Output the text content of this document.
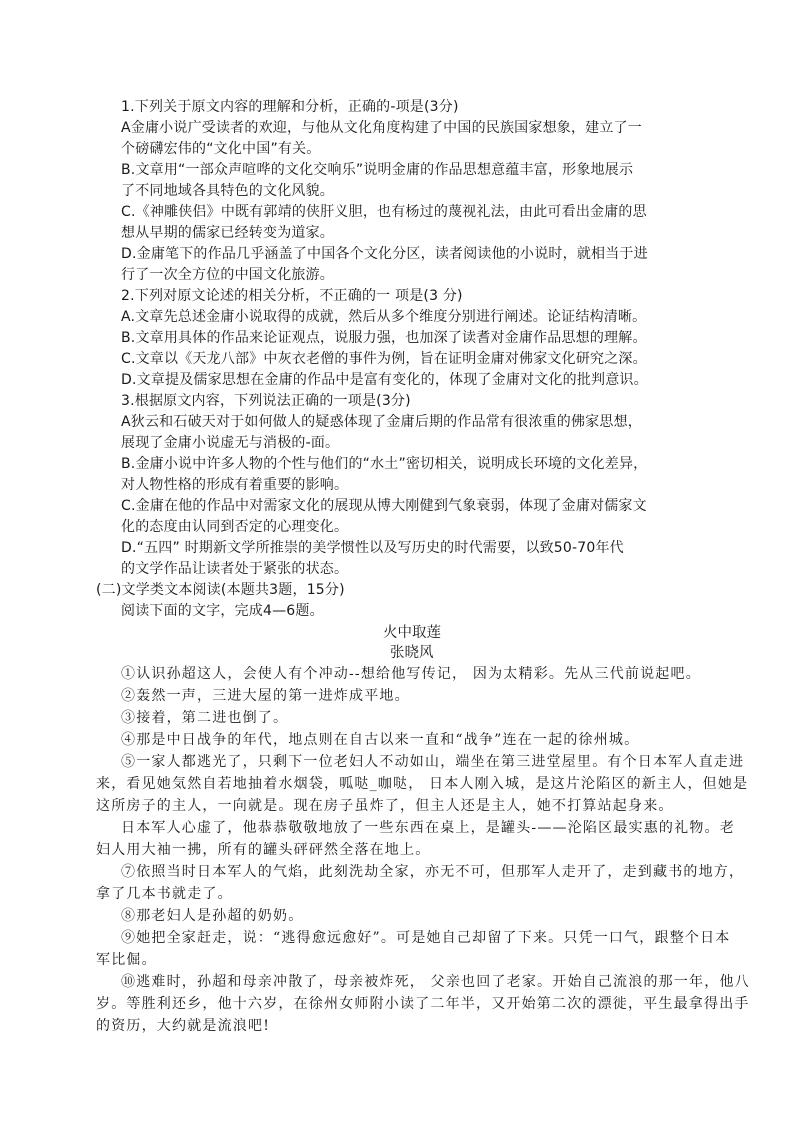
1.下列关于原文内容的理解和分析，正确的-项是(3分)
A金庸小说广受读者的欢迎，与他从文化角度构建了中国的民族国家想象，建立了一
个磅礴宏伟的“文化中国”有关。
B.文章用“一部众声喧哗的文化交响乐”说明金庸的作品思想意蕴丰富，形象地展示
了不同地域各具特色的文化风貌。
C.《神雕侠侣》中既有郭靖的侠肝义胆，也有杨过的蔑视礼法，由此可看出金庸的思
想从早期的儒家已经转变为道家。
D.金庸笔下的作品几乎涵盖了中国各个文化分区，读者阅读他的小说时，就相当于进
行了一次全方位的中国文化旅游。
2.下列对原文论述的相关分析，不正确的一 项是(3 分)
A.文章先总述金庸小说取得的成就，然后从多个维度分别进行阐述。论证结构清晰。
B.文章用具体的作品来论证观点，说服力强，也加深了读耆对金庸作品思想的理解。
C.文章以《天龙八部》中灰衣老僧的事件为例，旨在证明金庸对佛家文化研究之深。
D.文章提及儒家思想在金庸的作品中是富有变化的，体现了金庸对文化的批判意识。
3.根据原文内容，下列说法正确的一项是(3分)
A狄云和石破天对于如何做人的疑惑体现了金庸后期的作品常有很浓重的佛家思想，
展现了金庸小说虚无与消极的-面。
B.金庸小说中许多人物的个性与他们的“水土”密切相关，说明成长环境的文化差异，
对人物性格的形成有着重要的影响。
C.金庸在他的作品中对需家文化的展现从博大刚健到气象衰弱，体现了金庸对儒家文
化的态度由认同到否定的心理变化。
D.“五四” 时期新文学所推崇的美学惯性以及写历史的时代需要，以致50-70年代
的文学作品让读者处于紧张的状态。
(二)文学类文本阅读(本题共3题，15分)
阅读下面的文字，完成4—6题。
火中取莲
张晓风
①认识孙超这人，会使人有个冲动--想给他写传记， 因为太精彩。先从三代前说起吧。
②轰然一声，三进大屋的第一进炸成平地。
③接着，第二进也倒了。
④那是中日战争的年代，地点则在自古以来一直和“战争”连在一起的徐州城。
⑤一家人都逃光了，只剩下一位老妇人不动如山，端坐在第三进堂屋里。有个日本军人直走进
来，看见她気然自若地抽着水烟袋，呱哒_咖哒， 日本人刚入城，是这片沦陷区的新主人，但她是
这所房子的主人，一向就是。现在房子虽炸了，但主人还是主人，她不打算站起身来。
日本军人心虚了，他恭恭敬敬地放了一些东西在桌上，是罐头-——沦陷区最实惠的礼物。老
妇人用大袖一拂，所有的罐头砰砰然全落在地上。
⑦依照当时日本军人的气焰，此刻洗劫全家，亦无不可，但那军人走开了，走到藏书的地方，
拿了几本书就走了。
⑧那老妇人是孙超的奶奶。
⑨她把全家赶走，说：“逃得愈远愈好”。可是她自己却留了下来。只凭一口气，跟整个日本
军比倔。
⑩逃难时，孙超和母亲冲散了，母亲被炸死， 父亲也回了老家。开始自己流浪的那一年，他八
岁。等胜利还乡，他十六岁，在徐州女师附小读了二年半，又开始第二次的漂徙，平生最拿得出手
的资历，大约就是流浪吧!
